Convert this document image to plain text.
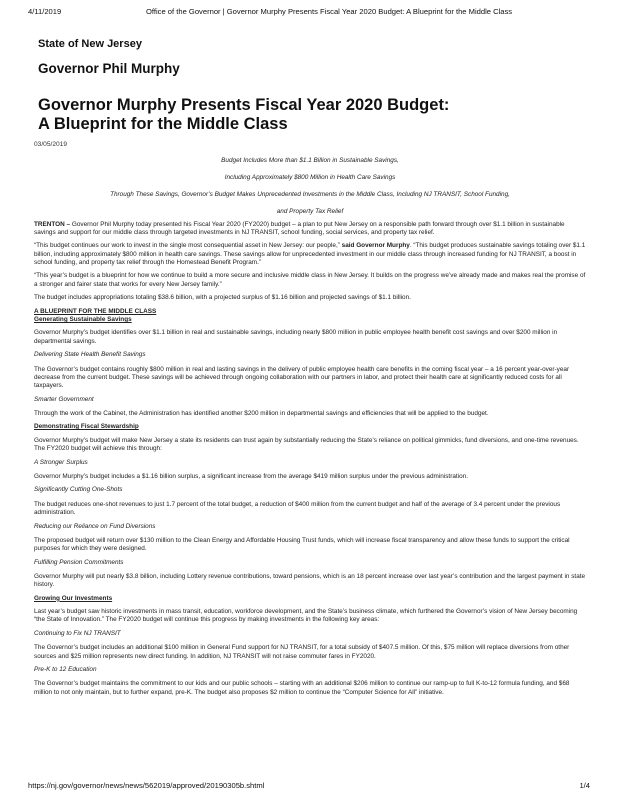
4/11/2019	Office of the Governor | Governor Murphy Presents Fiscal Year 2020 Budget: A Blueprint for the Middle Class
State of New Jersey
Governor Phil Murphy
Governor Murphy Presents Fiscal Year 2020 Budget:
A Blueprint for the Middle Class
03/05/2019

Budget Includes More than $1.1 Billion in Sustainable Savings,

Including Approximately $800 Million in Health Care Savings

Through These Savings, Governor’s Budget Makes Unprecedented Investments in the Middle Class, Including NJ TRANSIT, School Funding,

and Property Tax Relief

TRENTON – Governor Phil Murphy today presented his Fiscal Year 2020 (FY2020) budget – a plan to put New Jersey on a responsible path forward through over $1.1 billion in sustainable savings and support for our middle class through targeted investments in NJ TRANSIT, school funding, social services, and property tax relief.

“This budget continues our work to invest in the single most consequential asset in New Jersey: our people,” said Governor Murphy. “This budget produces sustainable savings totaling over $1.1 billion, including approximately $800 million in health care savings. These savings allow for unprecedented investment in our middle class through increased funding for NJ TRANSIT, a boost in school funding, and property tax relief through the Homestead Benefit Program.”

“This year’s budget is a blueprint for how we continue to build a more secure and inclusive middle class in New Jersey. It builds on the progress we’ve already made and makes real the promise of a stronger and fairer state that works for every New Jersey family.”

The budget includes appropriations totaling $38.6 billion, with a projected surplus of $1.16 billion and projected savings of $1.1 billion.

A BLUEPRINT FOR THE MIDDLE CLASS
Generating Sustainable Savings

Governor Murphy’s budget identifies over $1.1 billion in real and sustainable savings, including nearly $800 million in public employee health benefit cost savings and over $200 million in departmental savings.

Delivering State Health Benefit Savings

The Governor’s budget contains roughly $800 million in real and lasting savings in the delivery of public employee health care benefits in the coming fiscal year – a 16 percent year-over-year decrease from the current budget. These savings will be achieved through ongoing collaboration with our partners in labor, and protect their health care at significantly reduced costs for all taxpayers.

Smarter Government

Through the work of the Cabinet, the Administration has identified another $200 million in departmental savings and efficiencies that will be applied to the budget.

Demonstrating Fiscal Stewardship

Governor Murphy’s budget will make New Jersey a state its residents can trust again by substantially reducing the State’s reliance on political gimmicks, fund diversions, and one-time revenues. The FY2020 budget will achieve this through:

A Stronger Surplus

Governor Murphy’s budget includes a $1.16 billion surplus, a significant increase from the average $419 million surplus under the previous administration.

Significantly Cutting One-Shots

The budget reduces one-shot revenues to just 1.7 percent of the total budget, a reduction of $400 million from the current budget and half of the average of 3.4 percent under the previous administration.

Reducing our Reliance on Fund Diversions

The proposed budget will return over $130 million to the Clean Energy and Affordable Housing Trust funds, which will increase fiscal transparency and allow these funds to support the critical purposes for which they were designed.

Fulfilling Pension Commitments

Governor Murphy will put nearly $3.8 billion, including Lottery revenue contributions, toward pensions, which is an 18 percent increase over last year’s contribution and the largest payment in state history.

Growing Our Investments

Last year’s budget saw historic investments in mass transit, education, workforce development, and the State’s business climate, which furthered the Governor’s vision of New Jersey becoming “the State of Innovation.” The FY2020 budget will continue this progress by making investments in the following key areas:

Continuing to Fix NJ TRANSIT

The Governor’s budget includes an additional $100 million in General Fund support for NJ TRANSIT, for a total subsidy of $407.5 million. Of this, $75 million will replace diversions from other sources and $25 million represents new direct funding. In addition, NJ TRANSIT will not raise commuter fares in FY2020.

Pre-K to 12 Education

The Governor’s budget maintains the commitment to our kids and our public schools – starting with an additional $206 million to continue our ramp-up to full K-to-12 formula funding, and $68 million to not only maintain, but to further expand, pre-K. The budget also proposes $2 million to continue the “Computer Science for All” initiative.

https://nj.gov/governor/news/news/562019/approved/20190305b.shtml	1/4
